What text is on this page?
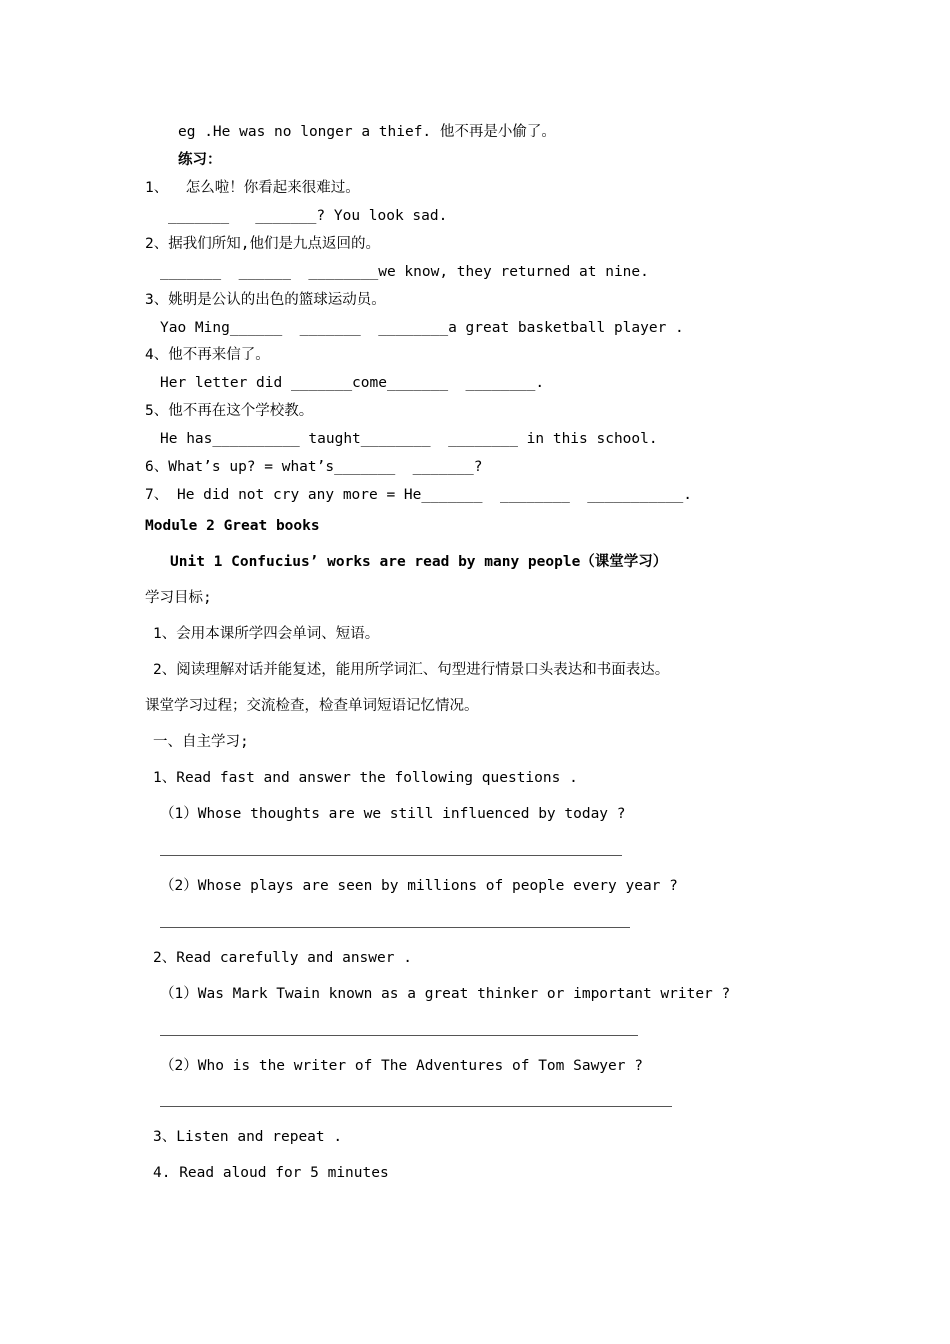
eg .He was no longer a thief. 他不再是小偷了。
练习：
1、  怎么啦！你看起来很难过。
_______   _______? You look sad.
2、据我们所知,他们是九点返回的。
_______  ______  ________we know, they returned at nine.
3、姚明是公认的出色的篮球运动员。
Yao Ming______  _______  ________a great basketball player .
4、他不再来信了。
Her letter did _______come_______  ________.
5、他不再在这个学校教。
He has__________ taught________  ________ in this school.
6、What’s up? = what’s_______  _______?
7、 He did not cry any more = He_______  ________  ___________.
Module 2 Great books
Unit 1 Confucius’ works are read by many people（课堂学习）
学习目标;
1、会用本课所学四会单词、短语。
2、阅读理解对话并能复述，能用所学词汇、句型进行情景口头表达和书面表达。
课堂学习过程；交流检查，检查单词短语记忆情况。
一、自主学习;
1、Read fast and answer the following questions .
（1）Whose thoughts are we still influenced by today ?
（2）Whose plays are seen by millions of people every year ?
2、Read carefully and answer .
（1）Was Mark Twain known as a great thinker or important writer ?
（2）Who is the writer of The Adventures of Tom Sawyer ?
3、Listen and repeat .
4. Read aloud for 5 minutes
